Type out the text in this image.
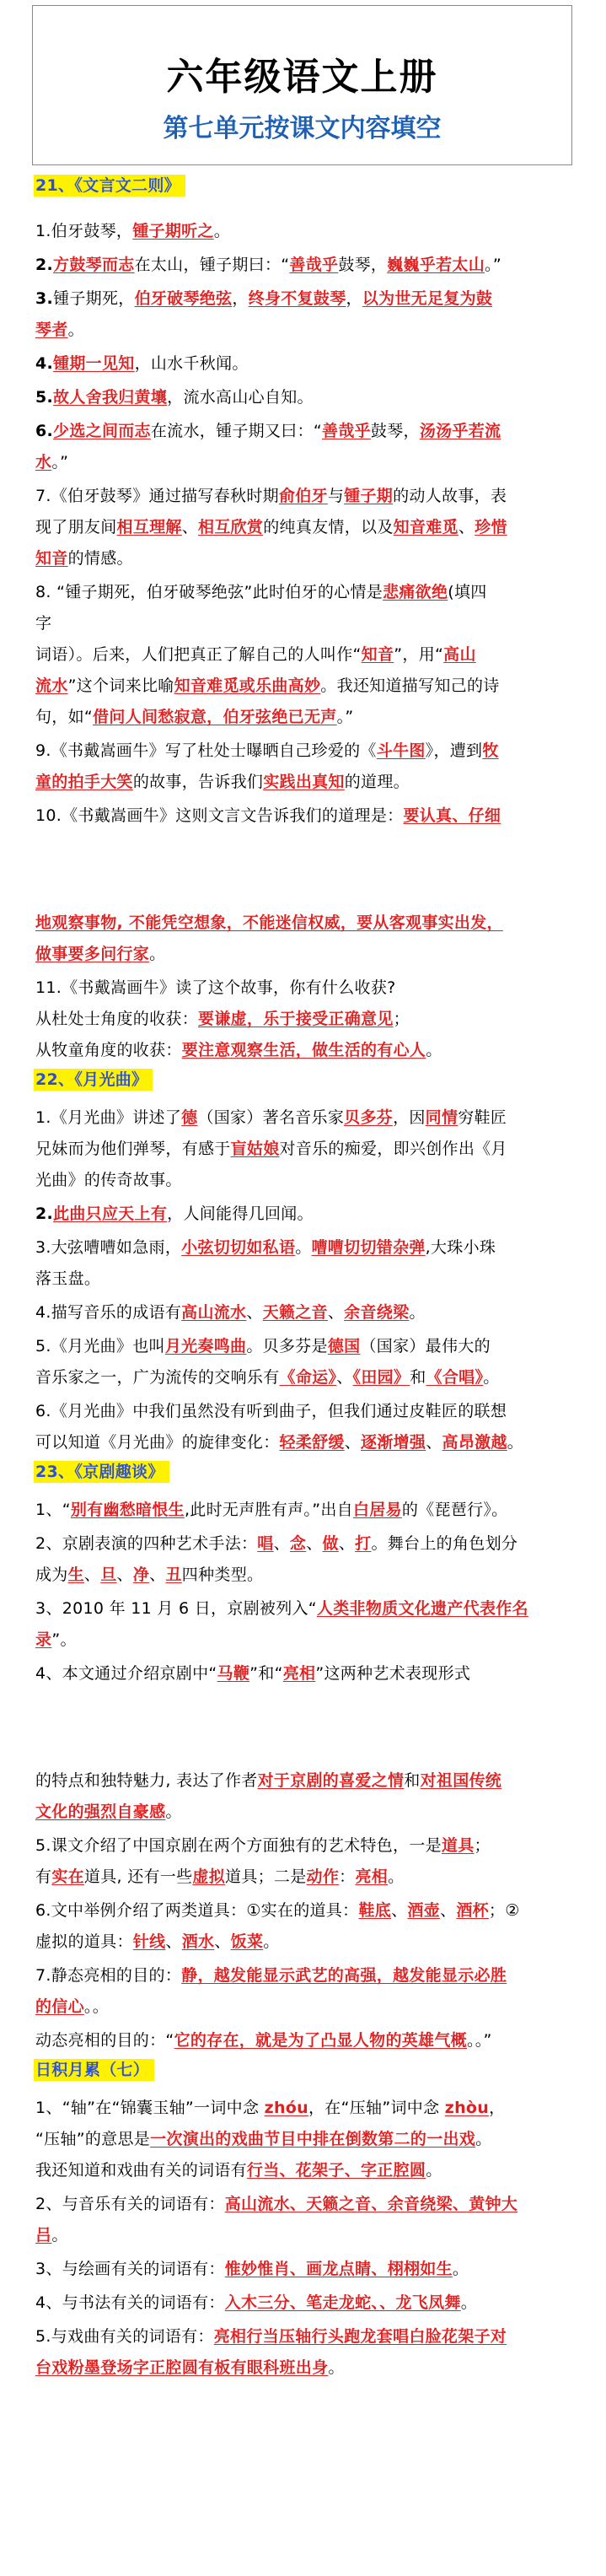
六年级语文上册
第七单元按课文内容填空
21、《文言文二则》
1.伯牙鼓琴，锺子期听之。
2.方鼓琴而志在太山，锺子期曰：“善哉乎鼓琴，巍巍乎若太山。”
3.锺子期死，伯牙破琴绝弦，终身不复鼓琴，以为世无足复为鼓
琴者。
4.锺期一见知，山水千秋闻。
5.故人舍我归黄壤，流水高山心自知。
6.少选之间而志在流水，锺子期又曰：“善哉乎鼓琴，汤汤乎若流
水。”
7.《伯牙鼓琴》通过描写春秋时期俞伯牙与锺子期的动人故事，表
现了朋友间相互理解、相互欣赏的纯真友情，以及知音难觅、珍惜
知音的情感。
8. “锺子期死，伯牙破琴绝弦”此时伯牙的心情是悲痛欲绝(填四
字
词语）。后来，人们把真正了解自己的人叫作“知音”，用“高山
流水”这个词来比喻知音难觅或乐曲高妙。我还知道描写知己的诗
句，如“借问人间愁寂意，伯牙弦绝已无声。”
9.《书戴嵩画牛》写了杜处士曝晒自己珍爱的《斗牛图》，遭到牧
童的拍手大笑的故事，告诉我们实践出真知的道理。
10.《书戴嵩画牛》这则文言文告诉我们的道理是：要认真、仔细
地观察事物, 不能凭空想象，不能迷信权威，要从客观事实出发，
做事要多问行家。
11.《书戴嵩画牛》读了这个故事，你有什么收获?
从杜处士角度的收获：要谦虚，乐于接受正确意见；
从牧童角度的收获：要注意观察生活，做生活的有心人。
22、《月光曲》
1.《月光曲》讲述了德（国家）著名音乐家贝多芬，因同情穷鞋匠
兄妹而为他们弹琴，有感于盲姑娘对音乐的痴爱，即兴创作出《月
光曲》的传奇故事。
2.此曲只应天上有，人间能得几回闻。
3.大弦嘈嘈如急雨，小弦切切如私语。嘈嘈切切错杂弹,大珠小珠
落玉盘。
4.描写音乐的成语有高山流水、天籁之音、余音绕梁。
5.《月光曲》也叫月光奏鸣曲。贝多芬是德国（国家）最伟大的
音乐家之一，广为流传的交响乐有《命运》、《田园》和《合唱》。
6.《月光曲》中我们虽然没有听到曲子，但我们通过皮鞋匠的联想
可以知道《月光曲》的旋律变化：轻柔舒缓、逐渐增强、高昂激越。
23、《京剧趣谈》
1、“别有幽愁暗恨生,此时无声胜有声。”出自白居易的《琵琶行》。
2、京剧表演的四种艺术手法：唱、念、做、打。舞台上的角色划分
成为生、旦、净、丑四种类型。
3、2010 年 11 月 6 日，京剧被列入“人类非物质文化遗产代表作名
录”。
4、本文通过介绍京剧中“马鞭”和“亮相”这两种艺术表现形式
的特点和独特魅力, 表达了作者对于京剧的喜爱之情和对祖国传统
文化的强烈自豪感。
5.课文介绍了中国京剧在两个方面独有的艺术特色，一是道具；
有实在道具, 还有一些虚拟道具；二是动作：亮相。
6.文中举例介绍了两类道具：①实在的道具：鞋底、酒壶、酒杯；②
虚拟的道具：针线、酒水、饭菜。
7.静态亮相的目的：静，越发能显示武艺的高强，越发能显示必胜
的信心。。
动态亮相的目的：“它的存在，就是为了凸显人物的英雄气概。。”
日积月累（七）
1、“轴”在“锦囊玉轴”一词中念 zhóu，在“压轴”词中念 zhòu，
“压轴”的意思是一次演出的戏曲节目中排在倒数第二的一出戏。
我还知道和戏曲有关的词语有行当、花架子、字正腔圆。
2、与音乐有关的词语有：高山流水、天籁之音、余音绕梁、黄钟大
吕。
3、与绘画有关的词语有：惟妙惟肖、画龙点睛、栩栩如生。
4、与书法有关的词语有：入木三分、笔走龙蛇、、龙飞凤舞。
5.与戏曲有关的词语有：亮相行当压轴行头跑龙套唱白脸花架子对
台戏粉墨登场字正腔圆有板有眼科班出身。
